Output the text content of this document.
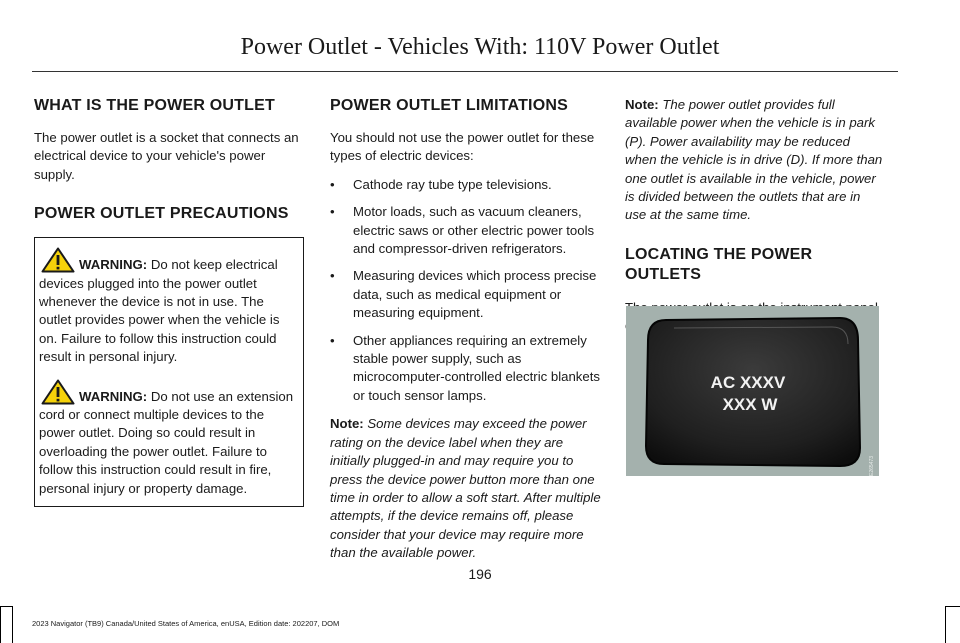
Power Outlet - Vehicles With: 110V Power Outlet
WHAT IS THE POWER OUTLET

The power outlet is a socket that connects an electrical device to your vehicle's power supply.

POWER OUTLET PRECAUTIONS
WARNING: Do not keep electrical devices plugged into the power outlet whenever the device is not in use. The outlet provides power when the vehicle is on. Failure to follow this instruction could result in personal injury.
WARNING: Do not use an extension cord or connect multiple devices to the power outlet. Doing so could result in overloading the power outlet. Failure to follow this instruction could result in fire, personal injury or property damage.
POWER OUTLET LIMITATIONS

You should not use the power outlet for these types of electric devices:

• Cathode ray tube type televisions.
• Motor loads, such as vacuum cleaners, electric saws or other electric power tools and compressor-driven refrigerators.
• Measuring devices which process precise data, such as medical equipment or measuring equipment.
• Other appliances requiring an extremely stable power supply, such as microcomputer-controlled electric blankets or touch sensor lamps.

Note: Some devices may exceed the power rating on the device label when they are initially plugged-in and may require you to press the device power button more than one time in order to allow a soft start. After multiple attempts, if the device remains off, please consider that your device may require more than the available power.

Note: The power outlet provides full available power when the vehicle is in park (P). Power availability may be reduced when the vehicle is in drive (D). If more than one outlet is available in the vehicle, power is divided between the outlets that are in use at the same time.

LOCATING THE POWER OUTLETS

AC XXXV
XXX W
E265473
196
2023 Navigator (TB9) Canada/United States of America, enUSA, Edition date: 202207, DOM
